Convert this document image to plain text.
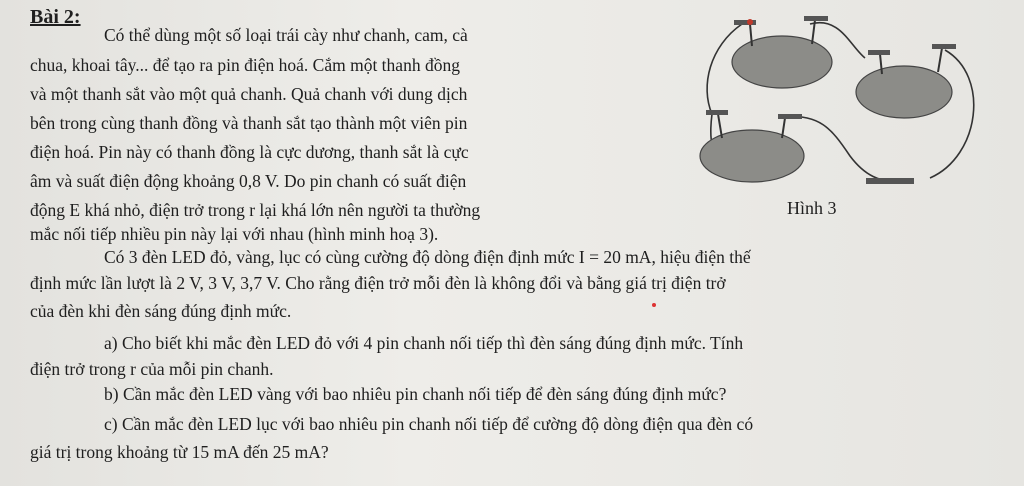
Bài 2:
Có thể dùng một số loại trái cày như chanh, cam, cà
chua, khoai tây... để tạo ra pin điện hoá. Cắm một thanh đồng
và một thanh sắt vào một quả chanh. Quả chanh với dung dịch
bên trong cùng thanh đồng và thanh sắt tạo thành một viên pin
điện hoá. Pin này có thanh đồng là cực dương, thanh sắt là cực
âm và suất điện động khoảng 0,8 V. Do pin chanh có suất điện
động E khá nhỏ, điện trở trong r lại khá lớn nên người ta thường
mắc nối tiếp nhiều pin này lại với nhau (hình minh hoạ 3).
Có 3 đèn LED đỏ, vàng, lục có cùng cường độ dòng điện định mức I = 20 mA, hiệu điện thế
định mức lần lượt là 2 V, 3 V, 3,7 V. Cho rằng điện trở mỗi đèn là không đổi và bằng giá trị điện trở
của đèn khi đèn sáng đúng định mức.
a) Cho biết khi mắc đèn LED đỏ với 4 pin chanh nối tiếp thì đèn sáng đúng định mức. Tính
điện trở trong r của mỗi pin chanh.
b) Cần mắc đèn LED vàng với bao nhiêu pin chanh nối tiếp để đèn sáng đúng định mức?
c) Cần mắc đèn LED lục với bao nhiêu pin chanh nối tiếp để cường độ dòng điện qua đèn có
giá trị trong khoảng từ 15 mA đến 25 mA?
Hình 3
